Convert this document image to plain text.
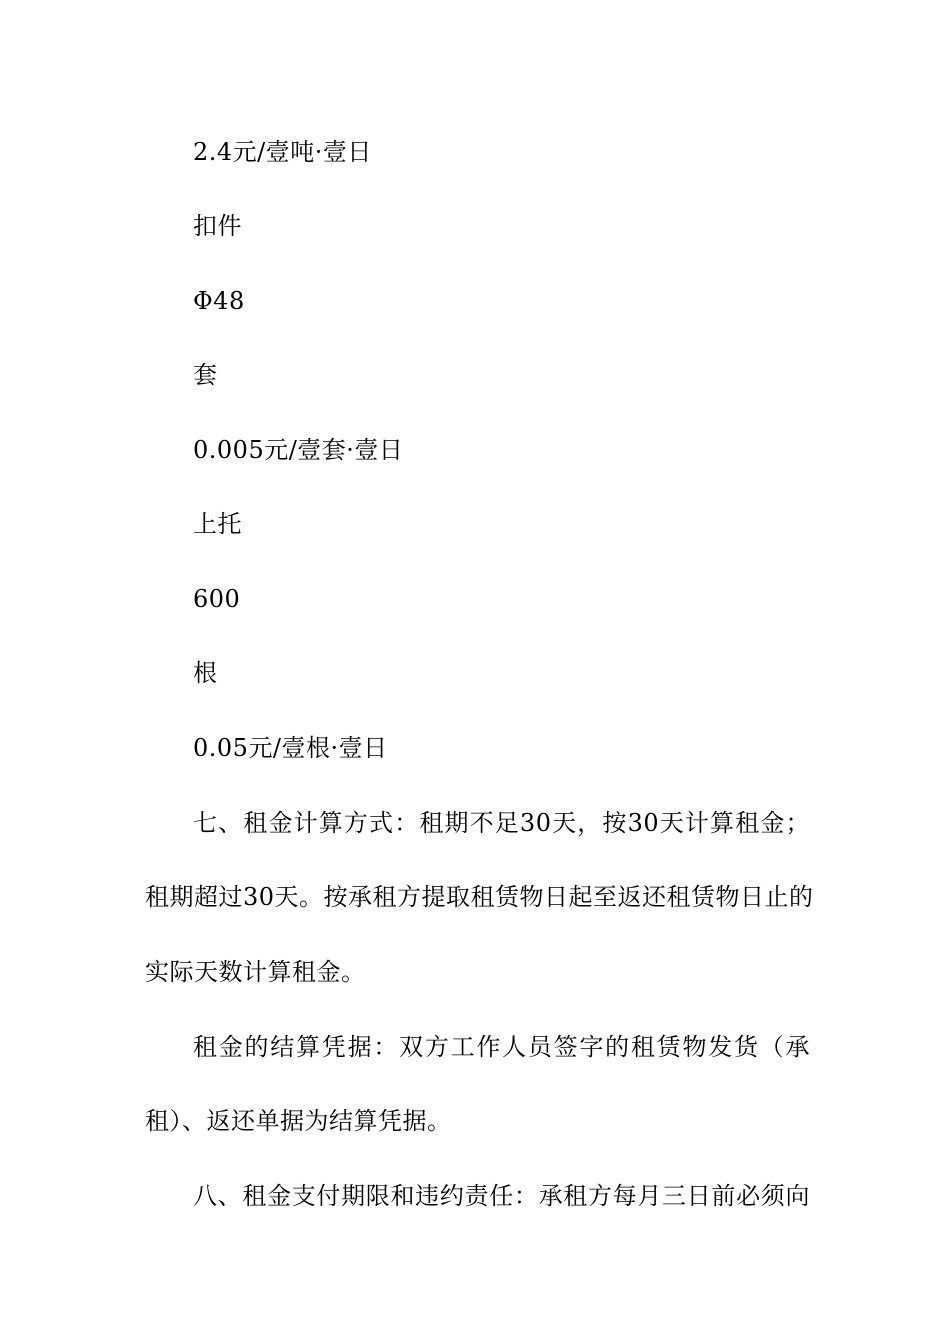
2.4元/壹吨·壹日
扣件
Φ48
套
0.005元/壹套·壹日
上托
600
根
0.05元/壹根·壹日
七、租金计算方式：租期不足30天，按30天计算租金；
租期超过30天。按承租方提取租赁物日起至返还租赁物日止的
实际天数计算租金。
租金的结算凭据：双方工作人员签字的租赁物发货（承
租）、返还单据为结算凭据。
八、租金支付期限和违约责任：承租方每月三日前必须向
